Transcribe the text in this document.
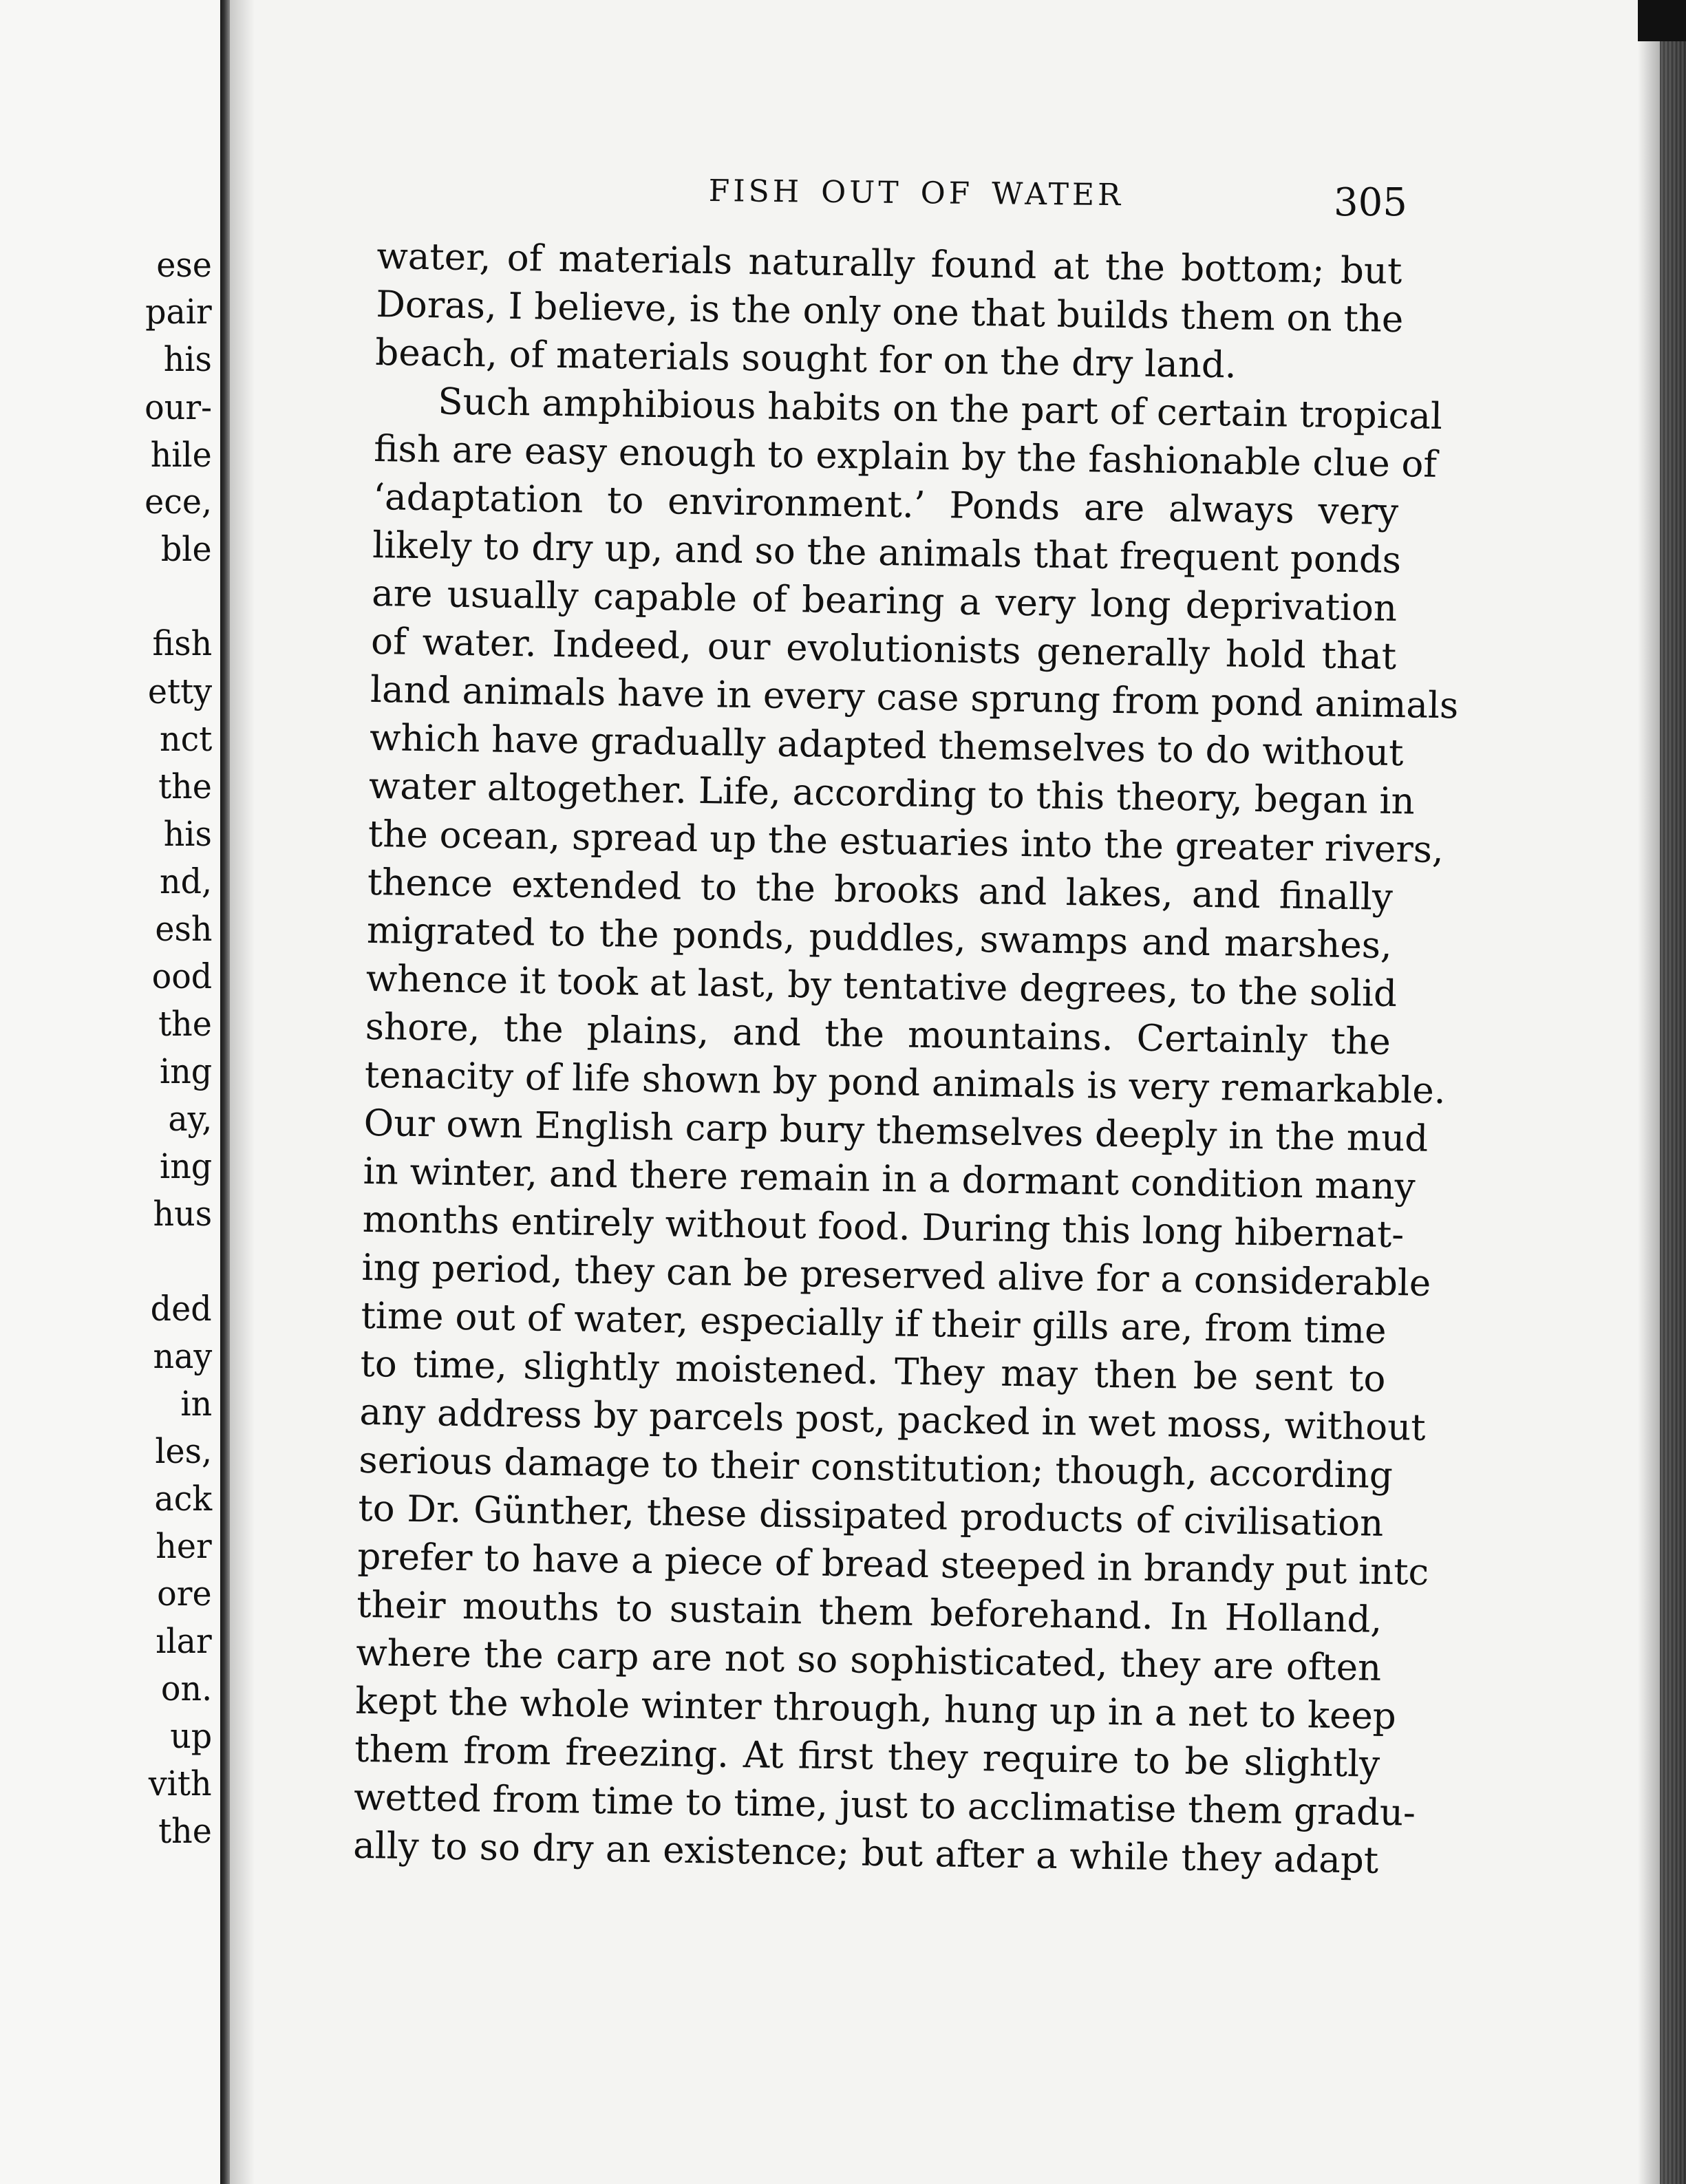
ese
pair
his
our-
hile
ece,
ble
fish
etty
nct
the
his
nd,
esh
ood
the
ing
ay,
ing
hus
ded
nay
in
les,
ack
her
ore
ılar
on.
up
vith
the
FISH OUT OF WATER	305
water, of materials naturally found at the bottom; but
Doras, I believe, is the only one that builds them on the
beach, of materials sought for on the dry land.
Such amphibious habits on the part of certain tropical
fish are easy enough to explain by the fashionable clue of
‘adaptation to environment.’ Ponds are always very
likely to dry up, and so the animals that frequent ponds
are usually capable of bearing a very long deprivation
of water. Indeed, our evolutionists generally hold that
land animals have in every case sprung from pond animals
which have gradually adapted themselves to do without
water altogether. Life, according to this theory, began in
the ocean, spread up the estuaries into the greater rivers,
thence extended to the brooks and lakes, and finally
migrated to the ponds, puddles, swamps and marshes,
whence it took at last, by tentative degrees, to the solid
shore, the plains, and the mountains. Certainly the
tenacity of life shown by pond animals is very remarkable.
Our own English carp bury themselves deeply in the mud
in winter, and there remain in a dormant condition many
months entirely without food. During this long hibernat-
ing period, they can be preserved alive for a considerable
time out of water, especially if their gills are, from time
to time, slightly moistened. They may then be sent to
any address by parcels post, packed in wet moss, without
serious damage to their constitution; though, according
to Dr. Günther, these dissipated products of civilisation
prefer to have a piece of bread steeped in brandy put intc
their mouths to sustain them beforehand. In Holland,
where the carp are not so sophisticated, they are often
kept the whole winter through, hung up in a net to keep
them from freezing. At first they require to be slightly
wetted from time to time, just to acclimatise them gradu-
ally to so dry an existence; but after a while they adapt
